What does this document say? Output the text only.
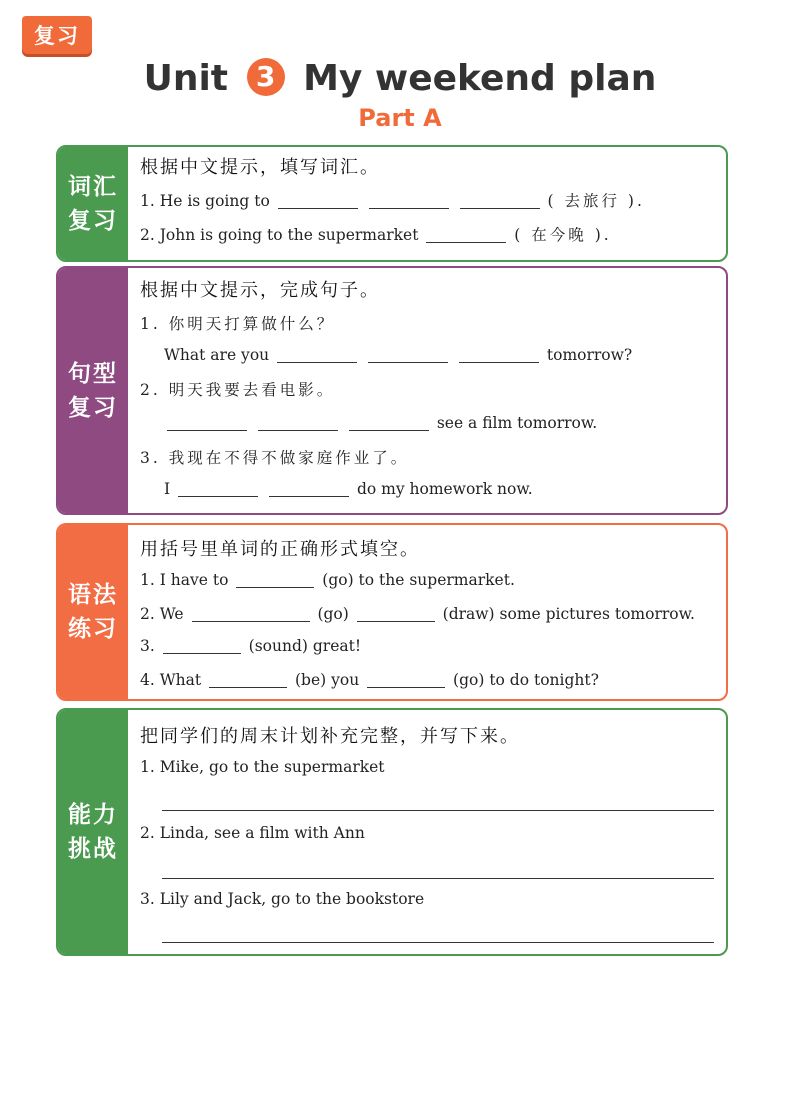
复习
Unit 3 My weekend plan
Part A
词汇复习
根据中文提示，填写词汇。
1. He is going to	( 去旅行 ).
2. John is going to the supermarket	( 在今晚 ).
句型复习
根据中文提示，完成句子。
1. 你明天打算做什么？
What are you	tomorrow?
2. 明天我要去看电影。
see a film tomorrow.
3. 我现在不得不做家庭作业了。
I	do my homework now.
语法练习
用括号里单词的正确形式填空。
1. I have to	(go) to the supermarket.
2. We	(go)	(draw) some pictures tomorrow.
3.	(sound) great!
4. What	(be) you	(go) to do tonight?
能力挑战
把同学们的周末计划补充完整，并写下来。
1. Mike, go to the supermarket
2. Linda, see a film with Ann
3. Lily and Jack, go to the bookstore
